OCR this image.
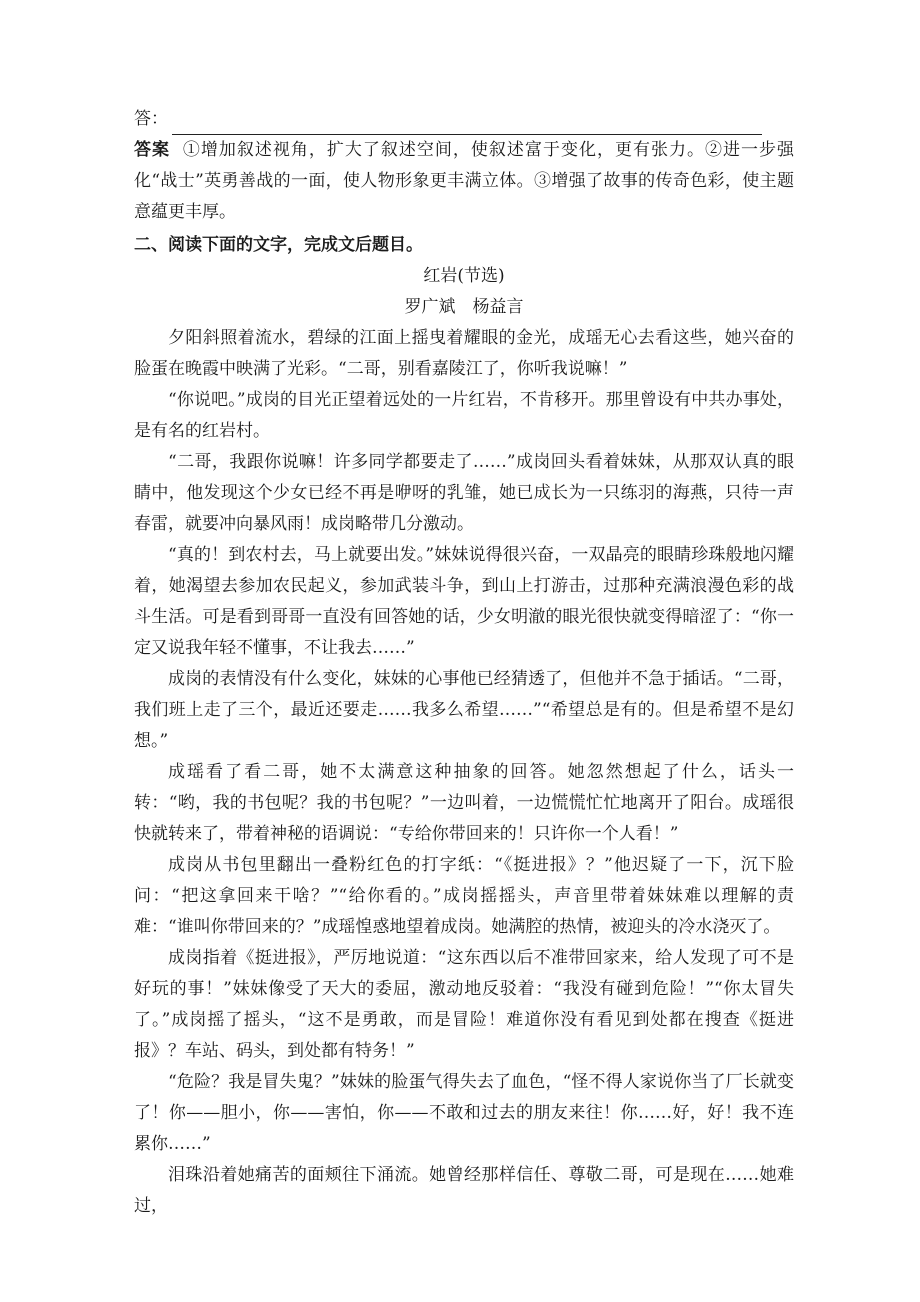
答：

答案 ①增加叙述视角，扩大了叙述空间，使叙述富于变化，更有张力。②进一步强化“战士”英勇善战的一面，使人物形象更丰满立体。③增强了故事的传奇色彩，使主题意蕴更丰厚。

二、阅读下面的文字，完成文后题目。

红岩(节选)

罗广斌　杨益言

夕阳斜照着流水，碧绿的江面上摇曳着耀眼的金光，成瑶无心去看这些，她兴奋的脸蛋在晚霞中映满了光彩。“二哥，别看嘉陵江了，你听我说嘛！”

“你说吧。”成岗的目光正望着远处的一片红岩，不肯移开。那里曾设有中共办事处，是有名的红岩村。

“二哥，我跟你说嘛！许多同学都要走了……”成岗回头看着妹妹，从那双认真的眼睛中，他发现这个少女已经不再是咿呀的乳雏，她已成长为一只练羽的海燕，只待一声春雷，就要冲向暴风雨！成岗略带几分激动。

“真的！到农村去，马上就要出发。”妹妹说得很兴奋，一双晶亮的眼睛珍珠般地闪耀着，她渴望去参加农民起义，参加武装斗争，到山上打游击，过那种充满浪漫色彩的战斗生活。可是看到哥哥一直没有回答她的话，少女明澈的眼光很快就变得暗涩了：“你一定又说我年轻不懂事，不让我去……”

成岗的表情没有什么变化，妹妹的心事他已经猜透了，但他并不急于插话。“二哥，我们班上走了三个，最近还要走……我多么希望……”“希望总是有的。但是希望不是幻想。”

成瑶看了看二哥，她不太满意这种抽象的回答。她忽然想起了什么，话头一转：“哟，我的书包呢？我的书包呢？”一边叫着，一边慌慌忙忙地离开了阳台。成瑶很快就转来了，带着神秘的语调说：“专给你带回来的！只许你一个人看！”

成岗从书包里翻出一叠粉红色的打字纸：“《挺进报》？”他迟疑了一下，沉下脸问：“把这拿回来干啥？”“给你看的。”成岗摇摇头，声音里带着妹妹难以理解的责难：“谁叫你带回来的？”成瑶惶惑地望着成岗。她满腔的热情，被迎头的冷水浇灭了。

成岗指着《挺进报》，严厉地说道：“这东西以后不准带回家来，给人发现了可不是好玩的事！”妹妹像受了天大的委屈，激动地反驳着：“我没有碰到危险！”“你太冒失了。”成岗摇了摇头，“这不是勇敢，而是冒险！难道你没有看见到处都在搜查《挺进报》？车站、码头，到处都有特务！”

“危险？我是冒失鬼？”妹妹的脸蛋气得失去了血色，“怪不得人家说你当了厂长就变了！你——胆小，你——害怕，你——不敢和过去的朋友来往！你……好，好！我不连累你……”

泪珠沿着她痛苦的面颊往下涌流。她曾经那样信任、尊敬二哥，可是现在……她难过，
